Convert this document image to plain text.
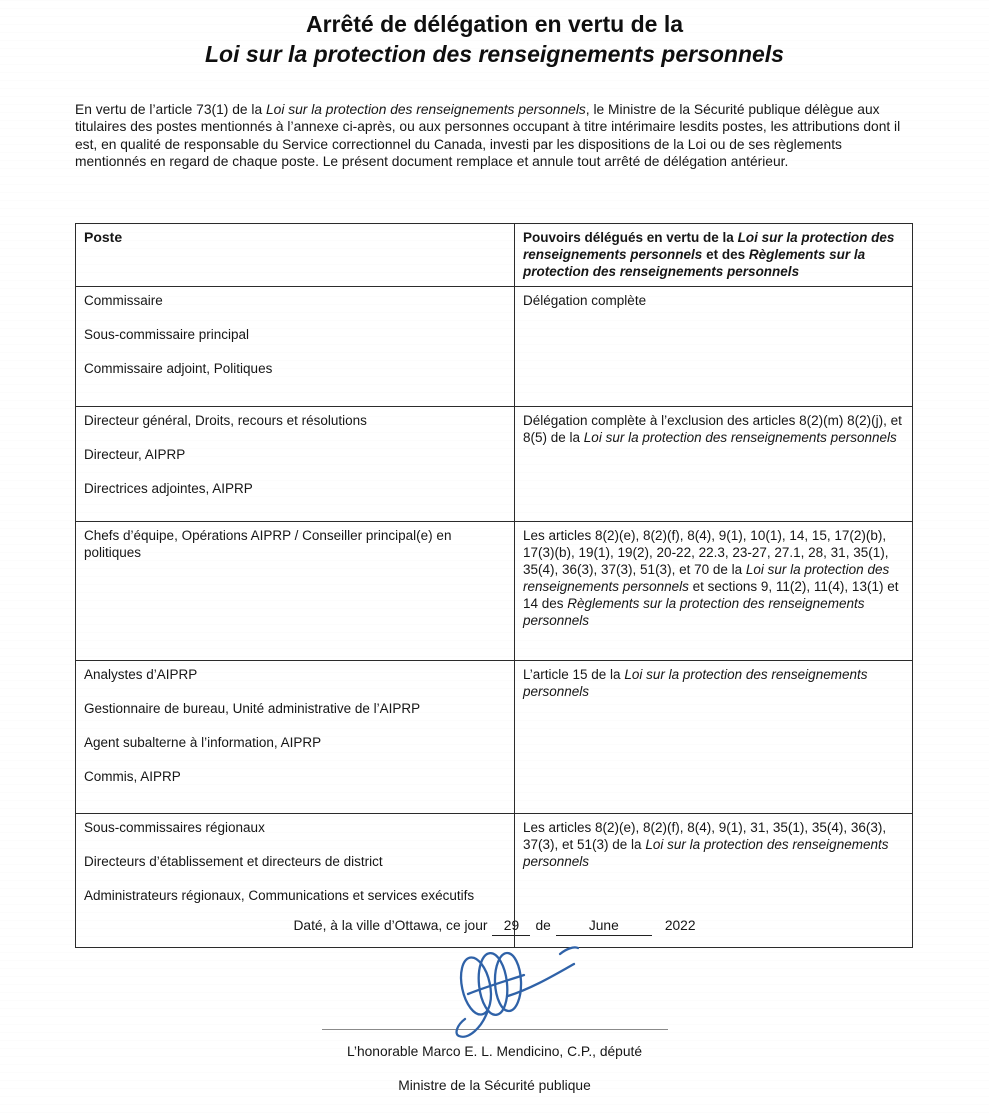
Arrêté de délégation en vertu de la
Loi sur la protection des renseignements personnels

En vertu de l’article 73(1) de la Loi sur la protection des renseignements personnels, le Ministre de la Sécurité publique délègue aux titulaires des postes mentionnés à l’annexe ci-après, ou aux personnes occupant à titre intérimaire lesdits postes, les attributions dont il est, en qualité de responsable du Service correctionnel du Canada, investi par les dispositions de la Loi ou de ses règlements mentionnés en regard de chaque poste. Le présent document remplace et annule tout arrêté de délégation antérieur.

Poste	Pouvoirs délégués en vertu de la Loi sur la protection des renseignements personnels et des Règlements sur la protection des renseignements personnels

Commissaire
Sous-commissaire principal
Commissaire adjoint, Politiques	Délégation complète

Directeur général, Droits, recours et résolutions
Directeur, AIPRP
Directrices adjointes, AIPRP	Délégation complète à l’exclusion des articles 8(2)(m) 8(2)(j), et 8(5) de la Loi sur la protection des renseignements personnels

Chefs d’équipe, Opérations AIPRP / Conseiller principal(e) en politiques	Les articles 8(2)(e), 8(2)(f), 8(4), 9(1), 10(1), 14, 15, 17(2)(b), 17(3)(b), 19(1), 19(2), 20-22, 22.3, 23-27, 27.1, 28, 31, 35(1), 35(4), 36(3), 37(3), 51(3), et 70 de la Loi sur la protection des renseignements personnels et sections 9, 11(2), 11(4), 13(1) et 14 des Règlements sur la protection des renseignements personnels

Analystes d’AIPRP
Gestionnaire de bureau, Unité administrative de l’AIPRP
Agent subalterne à l’information, AIPRP
Commis, AIPRP	L’article 15 de la Loi sur la protection des renseignements personnels

Sous-commissaires régionaux
Directeurs d’établissement et directeurs de district
Administrateurs régionaux, Communications et services exécutifs	Les articles 8(2)(e), 8(2)(f), 8(4), 9(1), 31, 35(1), 35(4), 36(3), 37(3), et 51(3) de la Loi sur la protection des renseignements personnels
Daté, à la ville d’Ottawa, ce jour	29	de	June	2022
L’honorable Marco E. L. Mendicino, C.P., député
Ministre de la Sécurité publique
